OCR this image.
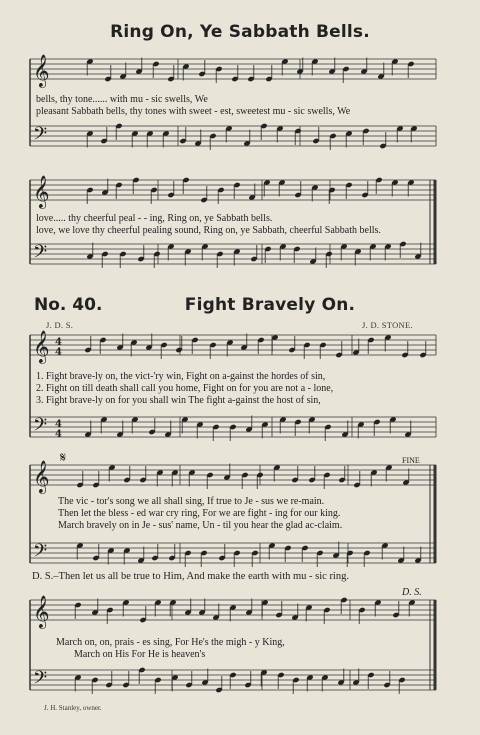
Ring On, Ye Sabbath Bells.
𝄞
𝄢
bells, thy tone...... with mu - sic swells, We
pleasant Sabbath bells, thy tones with sweet - est, sweetest mu - sic swells, We
𝄞
𝄢
love..... thy cheerful peal - - ing, Ring on, ye Sabbath bells.
love, we love thy cheerful pealing sound, Ring on, ye Sabbath, cheerful Sabbath bells.
No. 40.	Fight Bravely On.
J. D. S.	J. D. STONE.
𝄞 4
4
𝄢 4
4
1. Fight brave-ly on, the vict-'ry win, Fight on a-gainst the hordes of sin,
2. Fight on till death shall call you home, Fight on for you are not a - lone,
3. Fight brave-ly on for you shall win The fight a-gainst the host of sin,
FINE
𝄞
𝄋
𝄢
The vic - tor's song we all shall sing, If true to Je - sus we re-main.
Then let the bless - ed war cry ring, For we are fight - ing for our king.
March bravely on in Je - sus' name, Un - til you hear the glad ac-claim.
D. S.–Then let us all be true to Him, And make the earth with mu - sic ring.
D. S.
𝄞
𝄢
March on, on, prais - es sing, For He's the migh - y King,
March on His For He is heaven's
J. H. Stanley, owner.
